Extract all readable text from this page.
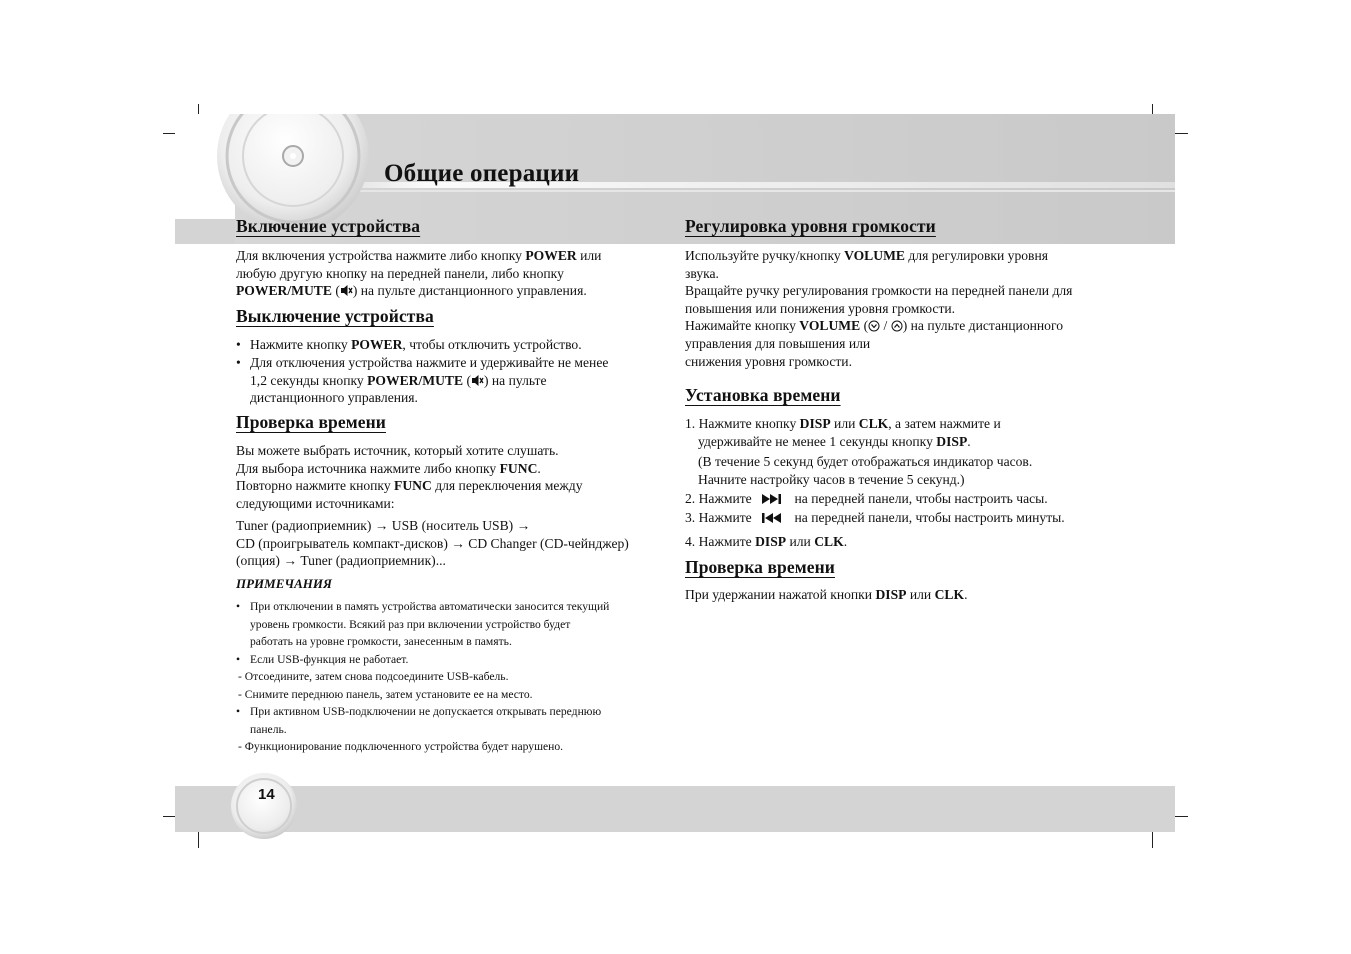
Общие операции
14
Включение устройства
Для включения устройства нажмите либо кнопку POWER или
любую другую кнопку на передней панели, либо кнопку
POWER/MUTE ( ) на пульте дистанционного управления.
Выключение устройства
• Нажмите кнопку POWER, чтобы отключить устройство.
• Для отключения устройства нажмите и удерживайте не менее
1,2 секунды кнопку POWER/MUTE ( ) на пульте
дистанционного управления.
Проверка времени
Вы можете выбрать источник, который хотите слушать.
Для выбора источника нажмите либо кнопку FUNC.
Повторно нажмите кнопку FUNC для переключения между
следующими источниками:
Tuner (радиоприемник) → USB (носитель USB) →
CD (проигрыватель компакт-дисков) → CD Changer (CD-чейнджер)
(опция) → Tuner (радиоприемник)...
ПРИМЕЧАНИЯ
• При отключении в память устройства автоматически заносится текущий
уровень громкости. Всякий раз при включении устройство будет
работать на уровне громкости, занесенным в память.
• Если USB-функция не работает.
- Отсоедините, затем снова подсоедините USB-кабель.
- Снимите переднюю панель, затем установите ее на место.
• При активном USB-подключении не допускается открывать переднюю
панель.
- Функционирование подключенного устройства будет нарушено.
Регулировка уровня громкости
Используйте ручку/кнопку VOLUME для регулировки уровня
звука.
Вращайте ручку регулирования громкости на передней панели для
повышения или понижения уровня громкости.
Нажимайте кнопку VOLUME ( / ) на пульте дистанционного
управления для повышения или
снижения уровня громкости.
Установка времени
1. Нажмите кнопку DISP или CLK, а затем нажмите и
удерживайте не менее 1 секунды кнопку DISP.
(В течение 5 секунд будет отображаться индикатор часов.
Начните настройку часов в течение 5 секунд.)
2. Нажмите	на передней панели, чтобы настроить часы.
3. Нажмите	на передней панели, чтобы настроить минуты.
4. Нажмите DISP или CLK.
Проверка времени
При удержании нажатой кнопки DISP или CLK.
